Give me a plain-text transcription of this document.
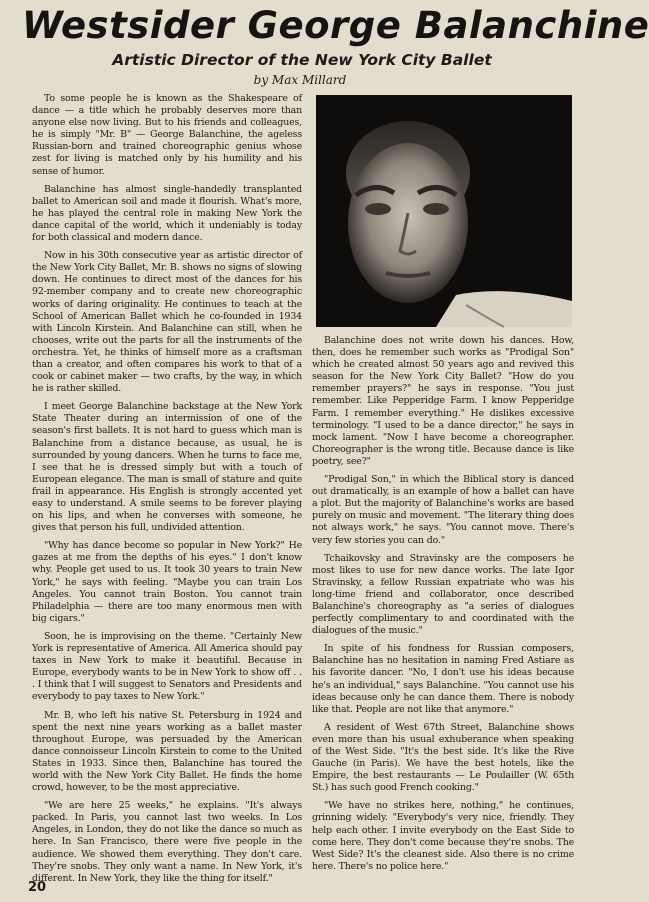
Westsider George Balanchine
Artistic Director of the New York City Ballet
by Max Millard

To some people he is known as the Shakespeare of dance — a title which he probably deserves more than anyone else now living. But to his friends and colleagues, he is simply "Mr. B" — George Balanchine, the ageless Russian-born and trained choreographic genius whose zest for living is matched only by his humility and his sense of humor.

Balanchine has almost single-handedly transplanted ballet to American soil and made it flourish. What's more, he has played the central role in making New York the dance capital of the world, which it undeniably is today for both classical and modern dance.

Now in his 30th consecutive year as artistic director of the New York City Ballet, Mr. B. shows no signs of slowing down. He continues to direct most of the dances for his 92-member company and to create new choreographic works of daring originality. He continues to teach at the School of American Ballet which he co-founded in 1934 with Lincoln Kirstein. And Balanchine can still, when he chooses, write out the parts for all the instruments of the orchestra. Yet, he thinks of himself more as a craftsman than a creator, and often compares his work to that of a cook or cabinet maker — two crafts, by the way, in which he is rather skilled.

I meet George Balanchine backstage at the New York State Theater during an intermission of one of the season's first ballets. It is not hard to guess which man is Balanchine from a distance because, as usual, he is surrounded by young dancers. When he turns to face me, I see that he is dressed simply but with a touch of European elegance. The man is small of stature and quite frail in appearance. His English is strongly accented yet easy to understand. A smile seems to be forever playing on his lips, and when he converses with someone, he gives that person his full, undivided attention.

"Why has dance become so popular in New York?" He gazes at me from the depths of his eyes." I don't know why. People get used to us. It took 30 years to train New York," he says with feeling. "Maybe you can train Los Angeles. You cannot train Boston. You cannot train Philadelphia — there are too many enormous men with big cigars."

Soon, he is improvising on the theme. "Certainly New York is representative of America. All America should pay taxes in New York to make it beautiful. Because in Europe, everybody wants to be in New York to show off . . . I think that I will suggest to Senators and Presidents and everybody to pay taxes to New York."

Mr. B, who left his native St. Petersburg in 1924 and spent the next nine years working as a ballet master throughout Europe, was persuaded by the American dance connoisseur Lincoln Kirstein to come to the United States in 1933. Since then, Balanchine has toured the world with the New York City Ballet. He finds the home crowd, however, to be the most appreciative.

"We are here 25 weeks," he explains. "It's always packed. In Paris, you cannot last two weeks. In Los Angeles, in London, they do not like the dance so much as here. In San Francisco, there were five people in the audience. We showed them everything. They don't care. They're snobs. They only want a name. In New York, it's different. In New York, they like the thing for itself."

Balanchine does not write down his dances. How, then, does he remember such works as "Prodigal Son" which he created almost 50 years ago and revived this season for the New York City Ballet? "How do you remember prayers?" he says in response. "You just remember. Like Pepperidge Farm. I know Pepperidge Farm. I remember everything." He dislikes excessive terminology. "I used to be a dance director," he says in mock lament. "Now I have become a choreographer. Choreographer is the wrong title. Because dance is like poetry, see?"

"Prodigal Son," in which the Biblical story is danced out dramatically, is an example of how a ballet can have a plot. But the majority of Balanchine's works are based purely on music and movement. "The literary thing does not always work," he says. "You cannot move. There's very few stories you can do."

Tchaikovsky and Stravinsky are the composers he most likes to use for new dance works. The late Igor Stravinsky, a fellow Russian expatriate who was his long-time friend and collaborator, once described Balanchine's choreography as "a series of dialogues perfectly complimentary to and coordinated with the dialogues of the music."

In spite of his fondness for Russian composers, Balanchine has no hesitation in naming Fred Astiare as his favorite dancer. "No, I don't use his ideas because he's an individual," says Balanchine. "You cannot use his ideas because only he can dance them. There is nobody like that. People are not like that anymore."

A resident of West 67th Street, Balanchine shows even more than his usual exhuberance when speaking of the West Side. "It's the best side. It's like the Rive Gauche (in Paris). We have the best hotels, like the Empire, the best restaurants — Le Poulailler (W. 65th St.) has such good French cooking."

"We have no strikes here, nothing," he continues, grinning widely. "Everybody's very nice, friendly. They help each other. I invite everybody on the East Side to come here. They don't come because they're snobs. The West Side? It's the cleanest side. Also there is no crime here. There's no police here."

20
